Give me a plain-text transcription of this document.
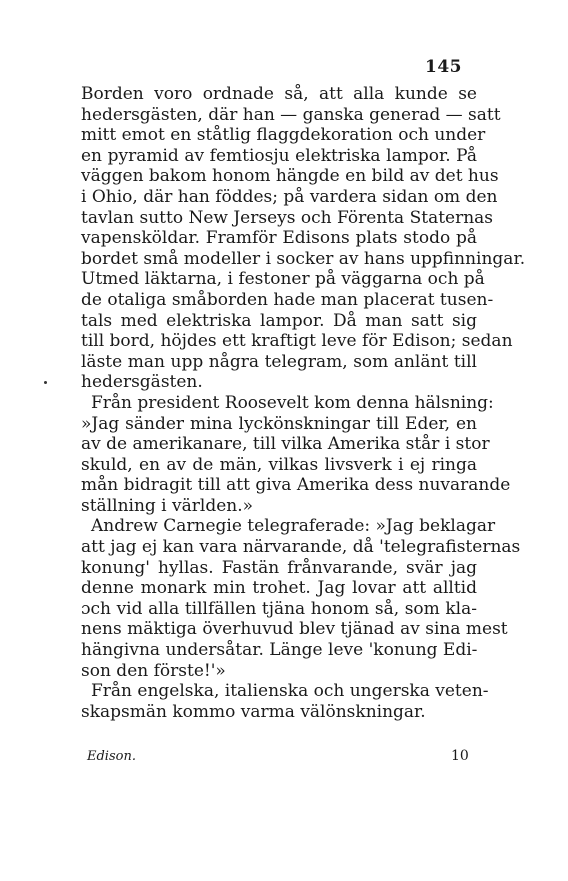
145
Borden voro ordnade så, att alla kunde se
hedersgästen, där han — ganska generad — satt
mitt emot en ståtlig flaggdekoration och under
en pyramid av femtiosju elektriska lampor. På
väggen bakom honom hängde en bild av det hus
i Ohio, där han föddes; på vardera sidan om den
tavlan sutto New Jerseys och Förenta Staternas
vapensköldar. Framför Edisons plats stodo på
bordet små modeller i socker av hans uppfinningar.
Utmed läktarna, i festoner på väggarna och på
de otaliga småborden hade man placerat tusen-
tals med elektriska lampor. Då man satt sig
till bord, höjdes ett kraftigt leve för Edison; sedan
läste man upp några telegram, som anlänt till
hedersgästen.
Från president Roosevelt kom denna hälsning:
»Jag sänder mina lyckönskningar till Eder, en
av de amerikanare, till vilka Amerika står i stor
skuld, en av de män, vilkas livsverk i ej ringa
mån bidragit till att giva Amerika dess nuvarande
ställning i världen.»
Andrew Carnegie telegraferade: »Jag beklagar
att jag ej kan vara närvarande, då 'telegrafisternas
konung' hyllas. Fastän frånvarande, svär jag
denne monark min trohet. Jag lovar att alltid
ɔch vid alla tillfällen tjäna honom så, som kla-
nens mäktiga överhuvud blev tjänad av sina mest
hängivna undersåtar. Länge leve 'konung Edi-
son den förste!'»
Från engelska, italienska och ungerska veten-
skapsmän kommo varma välönskningar.
Edison.	10
